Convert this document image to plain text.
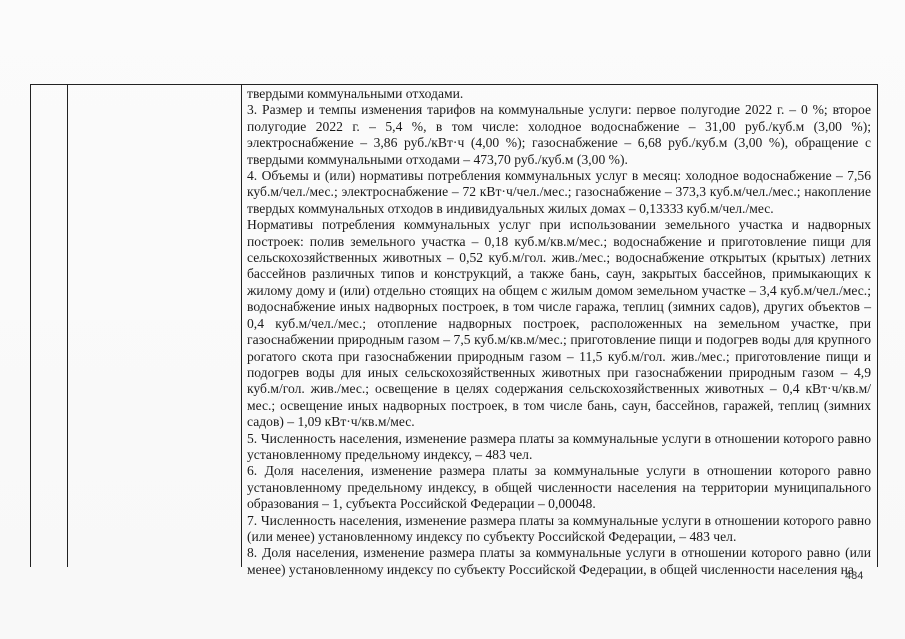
твердыми коммунальными отходами.

3. Размер и темпы изменения тарифов на коммунальные услуги: первое полугодие 2022 г. – 0 %; второе полугодие 2022 г. – 5,4 %, в том числе: холодное водоснабжение – 31,00 руб./куб.м (3,00 %); электроснабжение – 3,86 руб./кВт·ч (4,00 %); газоснабжение – 6,68 руб./куб.м (3,00 %), обращение с твердыми коммунальными отходами – 473,70 руб./куб.м (3,00 %).

4. Объемы и (или) нормативы потребления коммунальных услуг в месяц: холодное водоснабжение – 7,56 куб.м/чел./мес.; электроснабжение – 72 кВт·ч/чел./мес.; газоснабжение – 373,3 куб.м/чел./мес.; накопление твердых коммунальных отходов в индивидуальных жилых домах – 0,13333 куб.м/чел./мес.

Нормативы потребления коммунальных услуг при использовании земельного участка и надворных построек: полив земельного участка – 0,18 куб.м/кв.м/мес.; водоснабжение и приготовление пищи для сельскохозяйственных животных – 0,52 куб.м/гол. жив./мес.; водоснабжение открытых (крытых) летних бассейнов различных типов и конструкций, а также бань, саун, закрытых бассейнов, примыкающих к жилому дому и (или) отдельно стоящих на общем с жилым домом земельном участке – 3,4 куб.м/чел./мес.; водоснабжение иных надворных построек, в том числе гаража, теплиц (зимних садов), других объектов – 0,4 куб.м/чел./мес.; отопление надворных построек, расположенных на земельном участке, при газоснабжении природным газом – 7,5 куб.м/кв.м/мес.; приготовление пищи и подогрев воды для крупного рогатого скота при газоснабжении природным газом – 11,5 куб.м/гол. жив./мес.; приготовление пищи и подогрев воды для иных сельскохозяйственных животных при газоснабжении природным газом – 4,9 куб.м/гол. жив./мес.; освещение в целях содержания сельскохозяйственных животных – 0,4 кВт·ч/кв.м/мес.; освещение иных надворных построек, в том числе бань, саун, бассейнов, гаражей, теплиц (зимних садов) – 1,09 кВт·ч/кв.м/мес.

5. Численность населения, изменение размера платы за коммунальные услуги в отношении которого равно установленному предельному индексу, – 483 чел.

6. Доля населения, изменение размера платы за коммунальные услуги в отношении которого равно установленному предельному индексу, в общей численности населения на территории муниципального образования – 1, субъекта Российской Федерации – 0,00048.

7. Численность населения, изменение размера платы за коммунальные услуги в отношении которого равно (или менее) установленному индексу по субъекту Российской Федерации, – 483 чел.

8. Доля населения, изменение размера платы за коммунальные услуги в отношении которого равно (или менее) установленному индексу по субъекту Российской Федерации, в общей численности населения на

484
